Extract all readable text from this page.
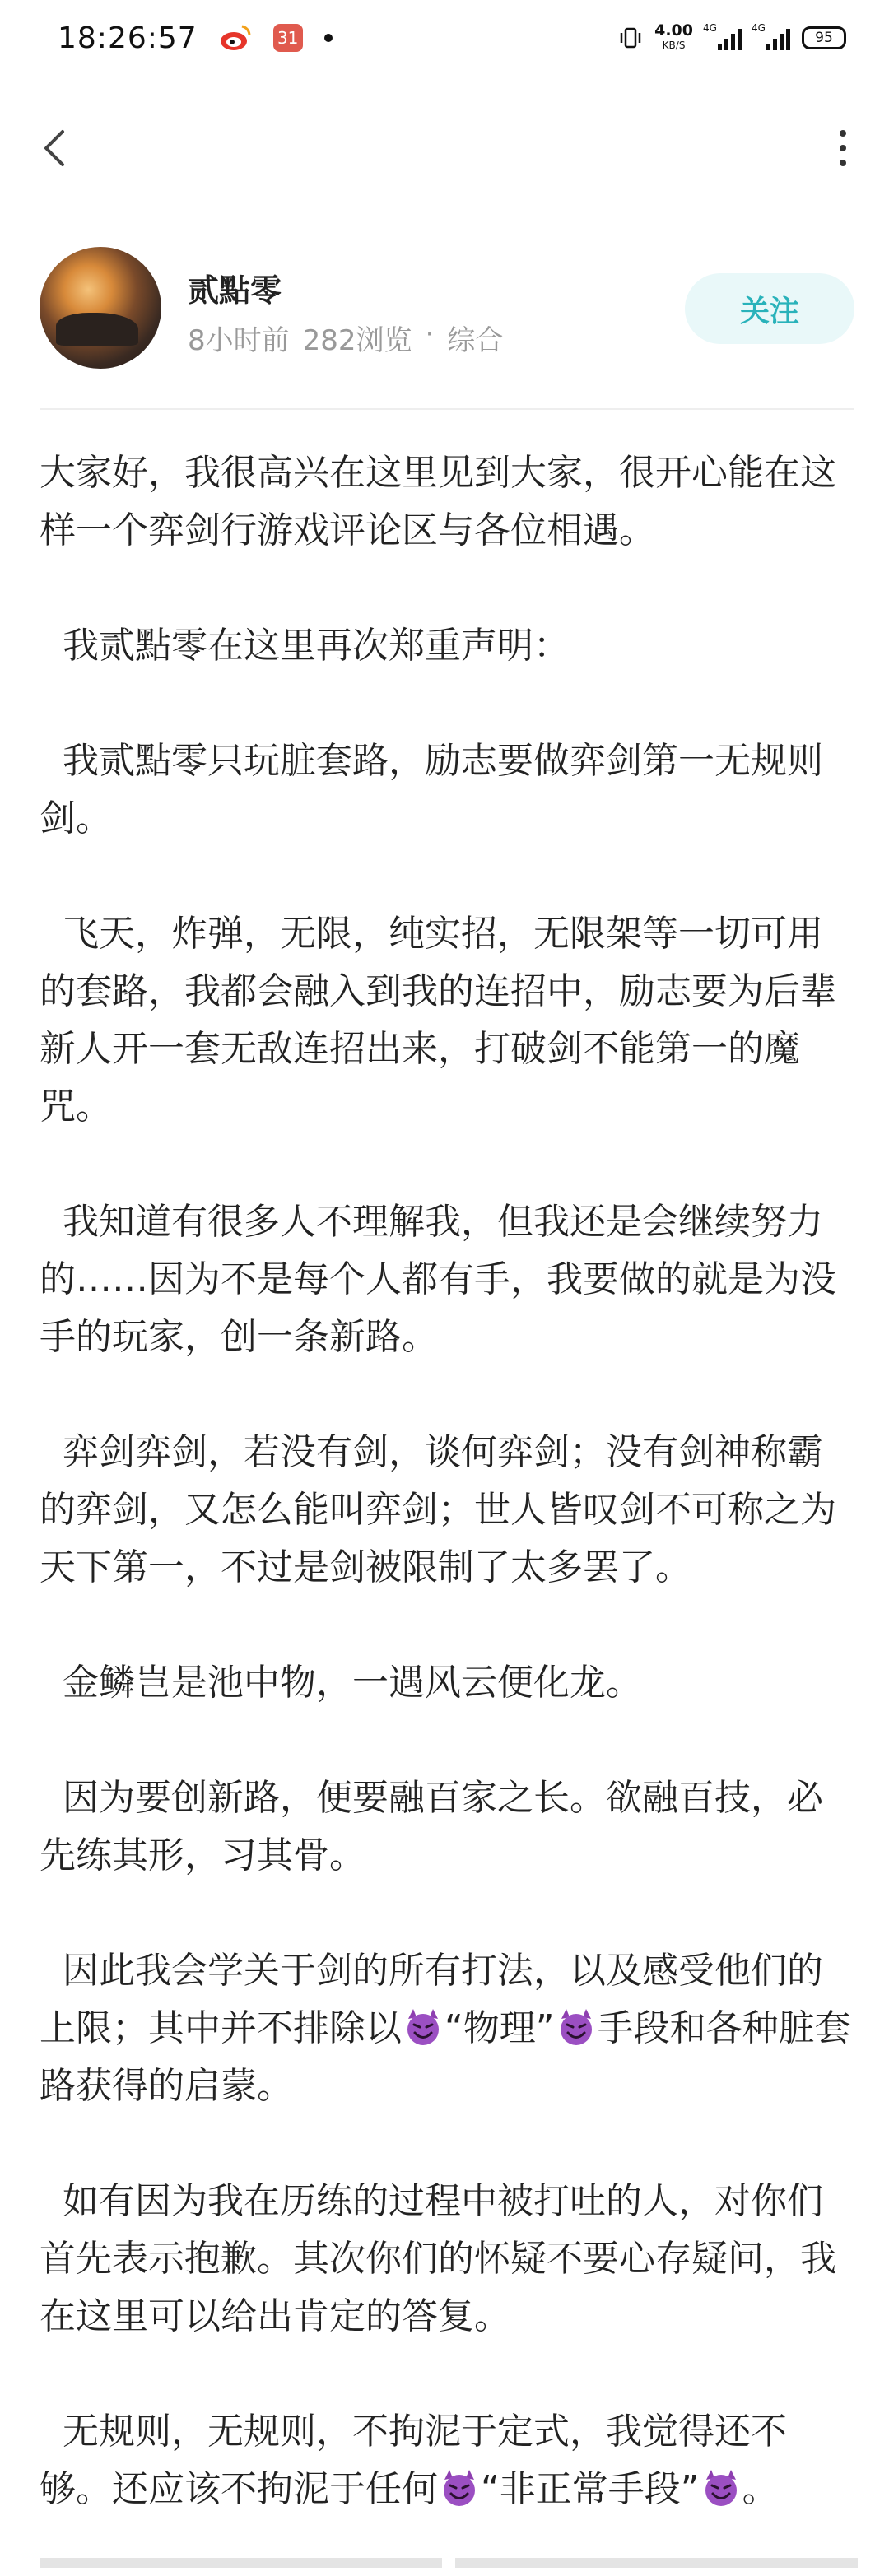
18:26:57	31	4.00
KB/S
4G	4G
95
贰點零
8小时前 282浏览 · 综合
关注

大家好，我很高兴在这里见到大家，很开心能在这样一个弈剑行游戏评论区与各位相遇。

我贰點零在这里再次郑重声明：

我贰點零只玩脏套路，励志要做弈剑第一无规则剑。

飞天，炸弹，无限，纯实招，无限架等一切可用的套路，我都会融入到我的连招中，励志要为后辈新人开一套无敌连招出来，打破剑不能第一的魔咒。

我知道有很多人不理解我，但我还是会继续努力的……因为不是每个人都有手，我要做的就是为没手的玩家，创一条新路。

弈剑弈剑，若没有剑，谈何弈剑；没有剑神称霸的弈剑，又怎么能叫弈剑；世人皆叹剑不可称之为天下第一，不过是剑被限制了太多罢了。

金鳞岂是池中物，一遇风云便化龙。

因为要创新路，便要融百家之长。欲融百技，必先练其形，习其骨。

因此我会学关于剑的所有打法，以及感受他们的上限；其中并不排除以 “物理” 手段和各种脏套路获得的启蒙。

如有因为我在历练的过程中被打吐的人，对你们首先表示抱歉。其次你们的怀疑不要心存疑问，我在这里可以给出肯定的答复。

无规则，无规则，不拘泥于定式，我觉得还不够。还应该不拘泥于任何 “非正常手段” 。
